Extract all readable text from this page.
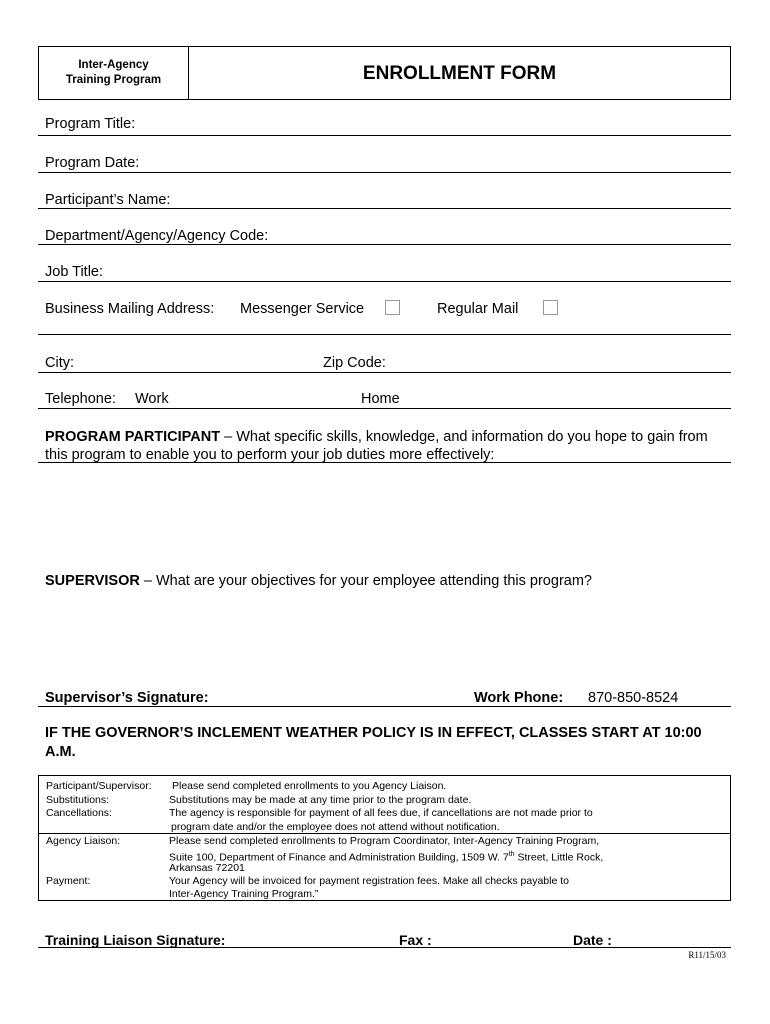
Inter-Agency
Training Program	ENROLLMENT FORM
Program Title:
Program Date:
Participant’s Name:
Department/Agency/Agency Code:
Job Title:
Business Mailing Address: Messenger Service	Regular Mail
City:	Zip Code:
Telephone: Work	Home
PROGRAM PARTICIPANT – What specific skills, knowledge, and information do you hope to gain from this program to enable you to perform your job duties more effectively:
SUPERVISOR – What are your objectives for your employee attending this program?
Supervisor’s Signature:	Work Phone: 870-850-8524
IF THE GOVERNOR’S INCLEMENT WEATHER POLICY IS IN EFFECT, CLASSES START AT 10:00 A.M.
Participant/Supervisor: Please send completed enrollments to you Agency Liaison.
Substitutions:	Substitutions may be made at any time prior to the program date.
Cancellations:	The agency is responsible for payment of all fees due, if cancellations are not made prior to
program date and/or the employee does not attend without notification.
Agency Liaison:	Please send completed enrollments to Program Coordinator, Inter-Agency Training Program,
Suite 100, Department of Finance and Administration Building, 1509 W. 7th Street, Little Rock,
Arkansas 72201
Payment:	Your Agency will be invoiced for payment registration fees. Make all checks payable to
Inter-Agency Training Program.”
Training Liaison Signature:	Fax :	Date :
R11/15/03
